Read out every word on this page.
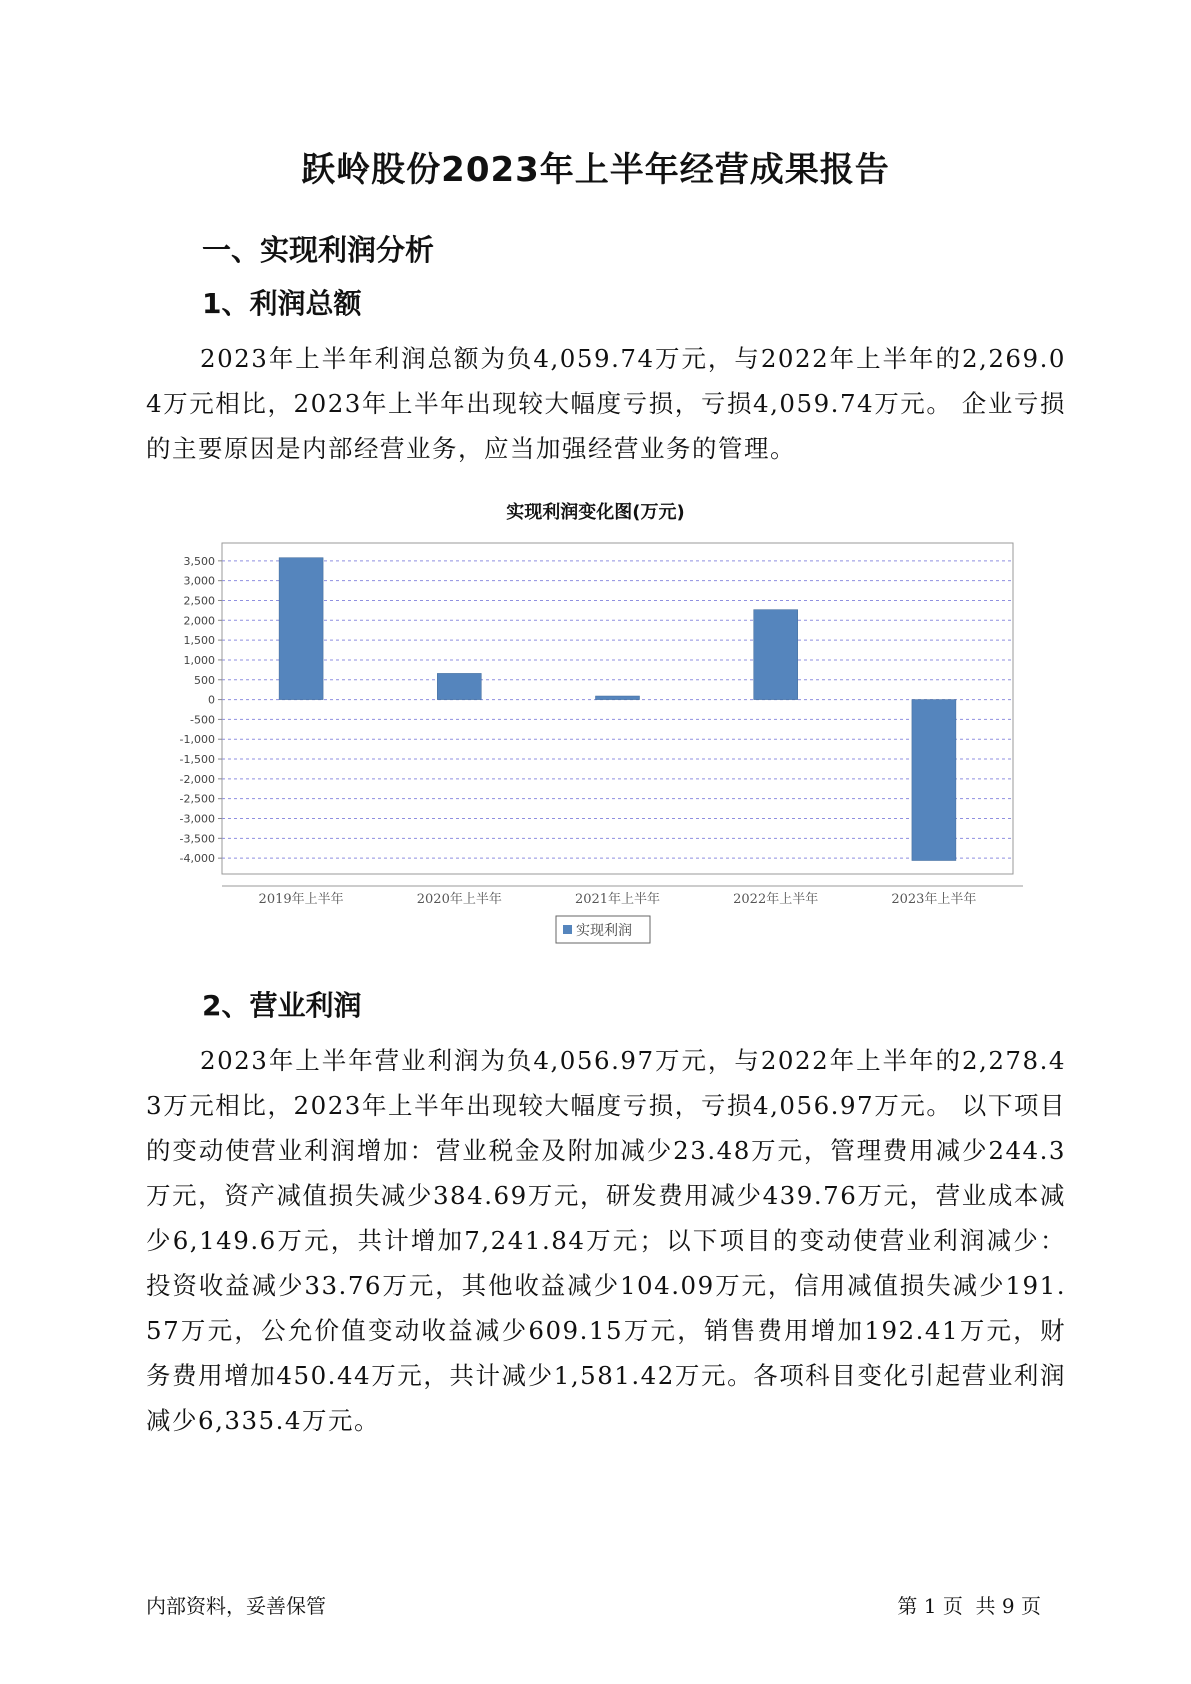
跃岭股份2023年上半年经营成果报告
一、实现利润分析
1、利润总额

2023年上半年利润总额为负4,059.74万元，与2022年上半年的2,269.04万元相比，2023年上半年出现较大幅度亏损，亏损4,059.74万元。 企业亏损的主要原因是内部经营业务，应当加强经营业务的管理。

实现利润变化图(万元)
3,500
3,000
2,500
2,000
1,500
1,000
500
0
-500
-1,000
-1,500
-2,000
-2,500
-3,000
-3,500
-4,000
2019年上半年	2020年上半年	2021年上半年	2022年上半年	2023年上半年
实现利润
2、营业利润

2023年上半年营业利润为负4,056.97万元，与2022年上半年的2,278.43万元相比，2023年上半年出现较大幅度亏损，亏损4,056.97万元。 以下项目的变动使营业利润增加：营业税金及附加减少23.48万元，管理费用减少244.3万元，资产减值损失减少384.69万元，研发费用减少439.76万元，营业成本减少6,149.6万元，共计增加7,241.84万元；以下项目的变动使营业利润减少：投资收益减少33.76万元，其他收益减少104.09万元，信用减值损失减少191.57万元，公允价值变动收益减少609.15万元，销售费用增加192.41万元，财务费用增加450.44万元，共计减少1,581.42万元。各项科目变化引起营业利润减少6,335.4万元。

内部资料，妥善保管	第 1 页  共 9 页
